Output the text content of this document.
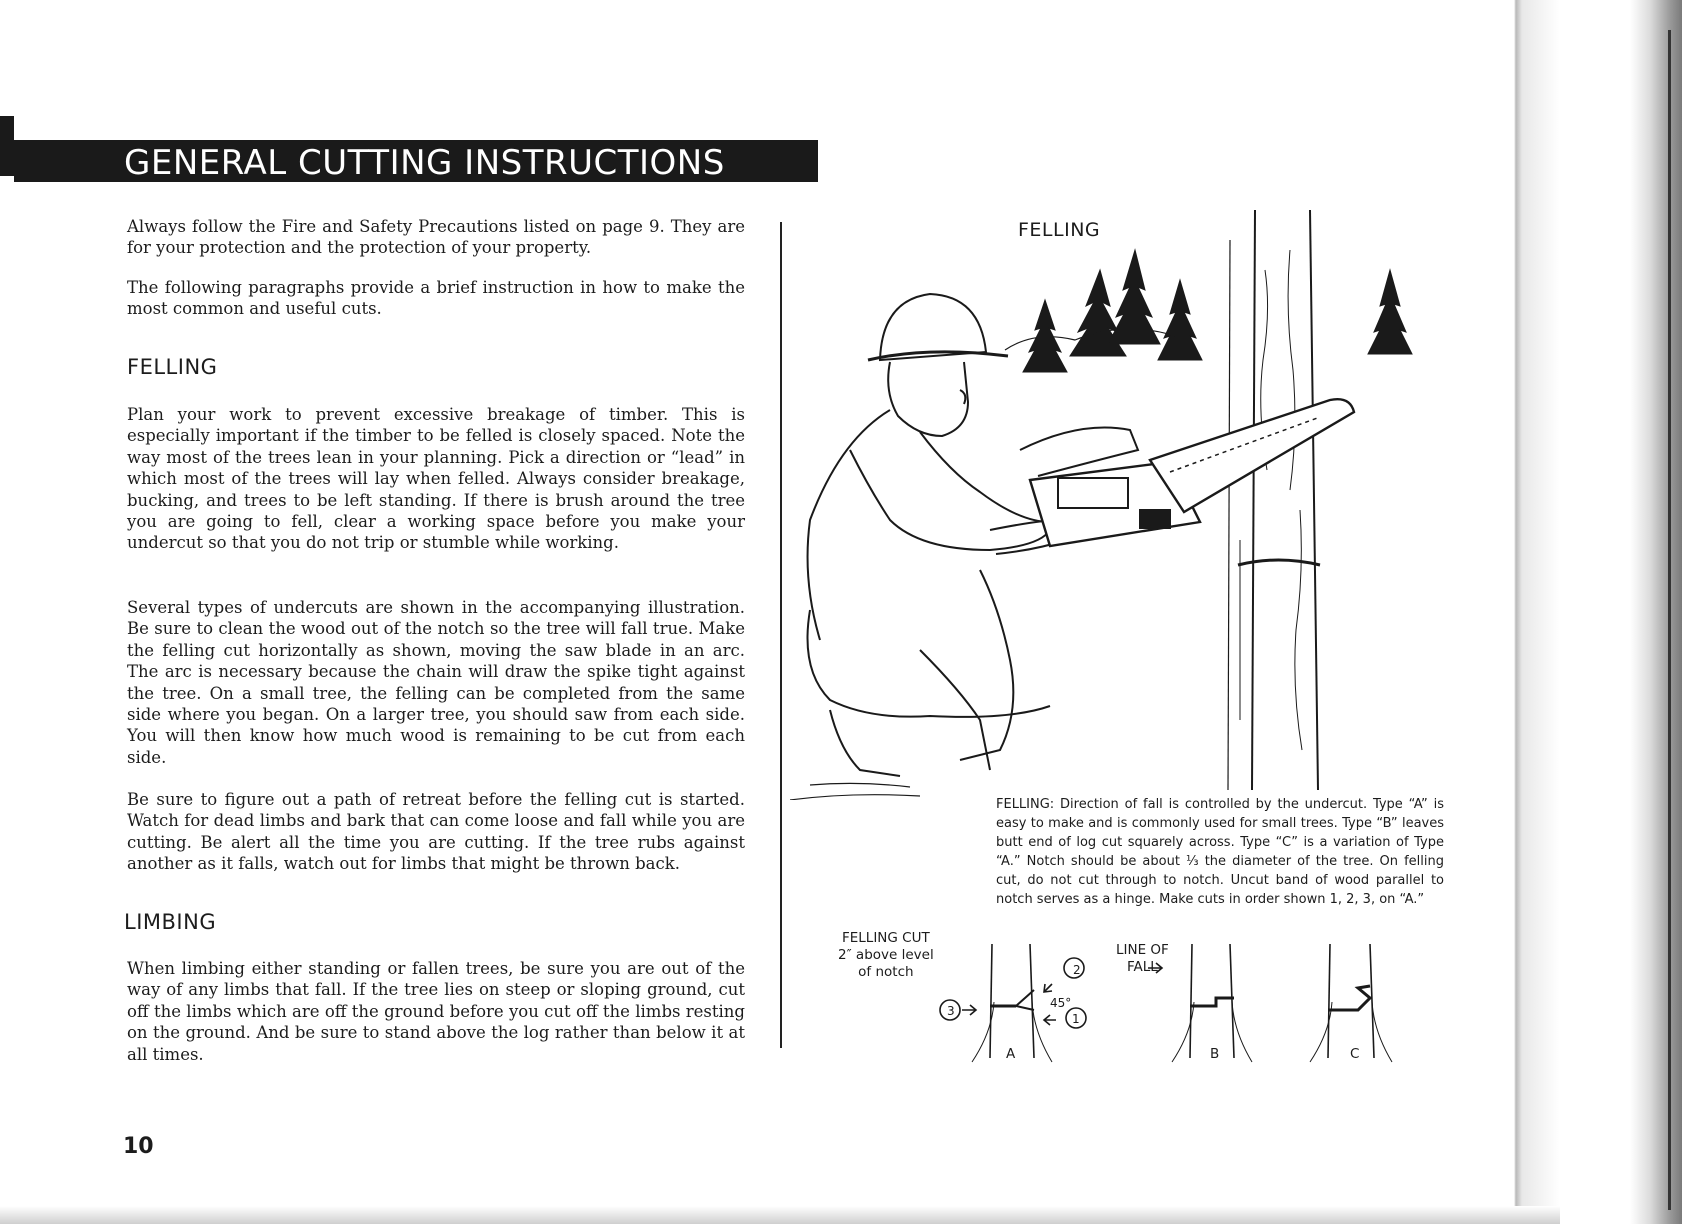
GENERAL CUTTING INSTRUCTIONS

Always follow the Fire and Safety Precautions listed on page 9. They are for your protection and the protection of your property.

The following paragraphs provide a brief instruction in how to make the most common and useful cuts.

FELLING

Plan your work to prevent excessive breakage of timber. This is especially important if the timber to be felled is closely spaced. Note the way most of the trees lean in your planning. Pick a direction or “lead” in which most of the trees will lay when felled. Always consider breakage, bucking, and trees to be left standing. If there is brush around the tree you are going to fell, clear a working space before you make your undercut so that you do not trip or stumble while working.

Several types of undercuts are shown in the accompanying illustration. Be sure to clean the wood out of the notch so the tree will fall true. Make the felling cut horizontally as shown, moving the saw blade in an arc. The arc is necessary because the chain will draw the spike tight against the tree. On a small tree, the felling can be completed from the same side where you began. On a larger tree, you should saw from each side. You will then know how much wood is remaining to be cut from each side.

Be sure to figure out a path of retreat before the felling cut is started. Watch for dead limbs and bark that can come loose and fall while you are cutting. Be alert all the time you are cutting. If the tree rubs against another as it falls, watch out for limbs that might be thrown back.

LIMBING

When limbing either standing or fallen trees, be sure you are out of the way of any limbs that fall. If the tree lies on steep or sloping ground, cut off the limbs which are off the ground before you cut off the limbs resting on the ground. And be sure to stand above the log rather than below it at all times.

FELLING
FELLING: Direction of fall is controlled by the undercut. Type “A” is easy to make and is commonly used for small trees. Type “B” leaves butt end of log cut squarely across. Type “C” is a variation of Type “A.” Notch should be about ⅓ the diameter of the tree. On felling cut, do not cut through to notch. Uncut band of wood parallel to notch serves as a hinge. Make cuts in order shown 1, 2, 3, on “A.”
FELLING CUT
2″ above level
of notch
LINE OF
FALL
2
1
3
45°
A	B	C
10
